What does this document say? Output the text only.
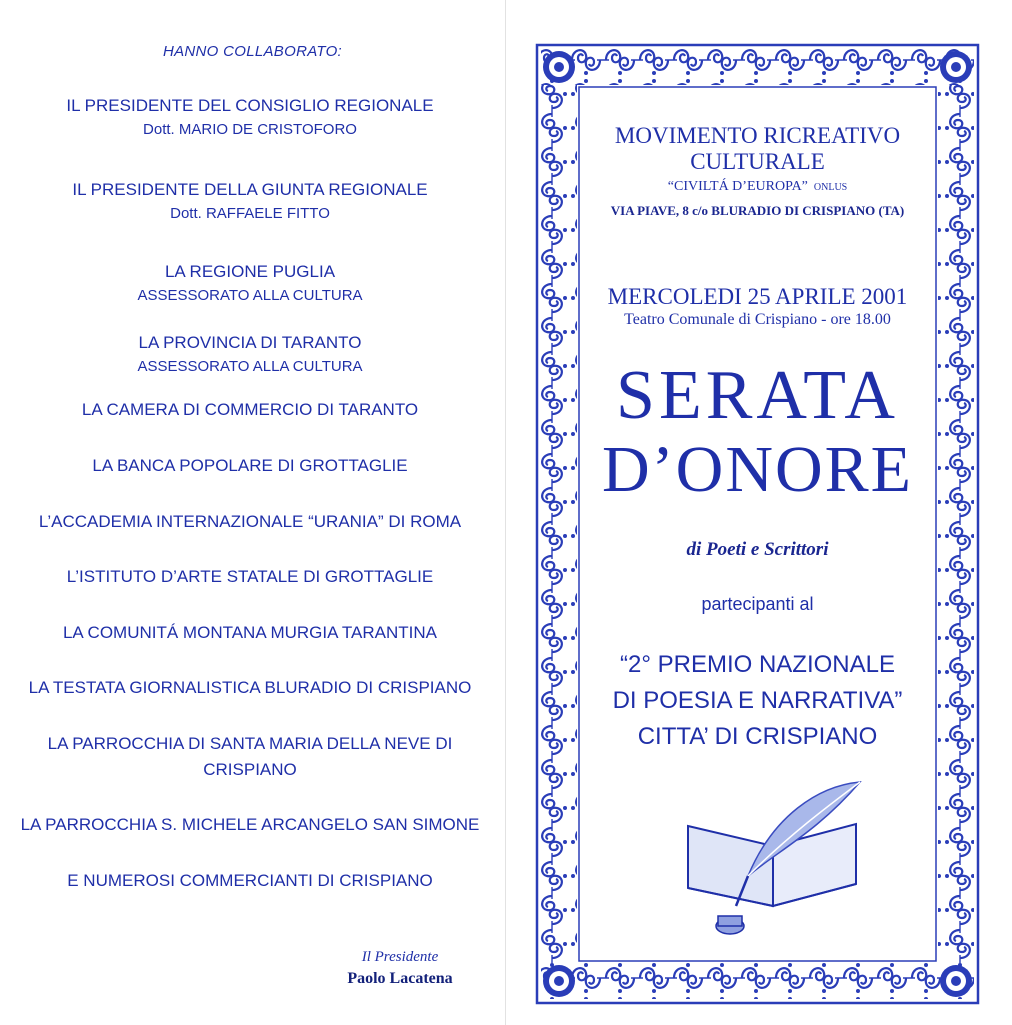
HANNO COLLABORATO:
IL PRESIDENTE DEL CONSIGLIO REGIONALE
Dott. MARIO DE CRISTOFORO
IL PRESIDENTE DELLA GIUNTA REGIONALE
Dott. RAFFAELE FITTO
LA REGIONE PUGLIA
ASSESSORATO ALLA CULTURA
LA PROVINCIA DI TARANTO
ASSESSORATO ALLA CULTURA
LA CAMERA DI COMMERCIO DI TARANTO
LA BANCA POPOLARE DI GROTTAGLIE
L’ACCADEMIA INTERNAZIONALE “URANIA” DI ROMA
L’ISTITUTO D’ARTE STATALE DI GROTTAGLIE
LA COMUNITÁ MONTANA MURGIA TARANTINA
LA TESTATA GIORNALISTICA BLURADIO DI CRISPIANO
LA PARROCCHIA DI SANTA MARIA DELLA NEVE DI
CRISPIANO
LA PARROCCHIA S. MICHELE ARCANGELO SAN SIMONE
E NUMEROSI COMMERCIANTI DI CRISPIANO
Il Presidente
Paolo Lacatena
MOVIMENTO RICREATIVO
CULTURALE
“CIVILTÁ D’EUROPA” ONLUS
VIA PIAVE, 8 c/o BLURADIO DI CRISPIANO (TA)
MERCOLEDI 25 APRILE 2001
Teatro Comunale di Crispiano - ore 18.00
SERATA
D’ONORE
di Poeti e Scrittori
partecipanti al
“2° PREMIO NAZIONALE
DI POESIA E NARRATIVA”
CITTA’ DI CRISPIANO
